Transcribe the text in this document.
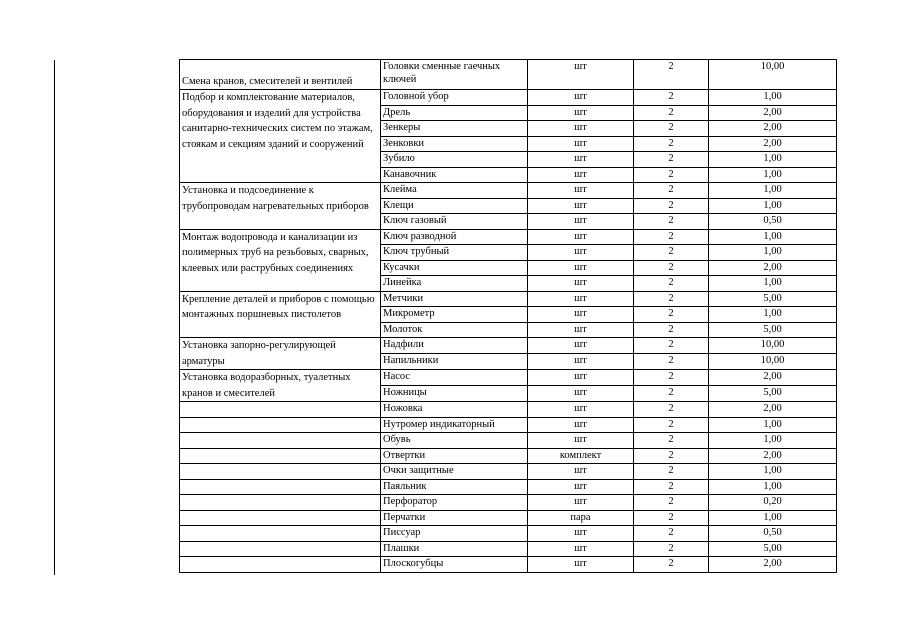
Смена кранов, смесителей и вентилей	Головки сменные гаечных ключей	шт	2	10,00
Подбор и комплектование материалов, оборудования и изделий для устройства санитарно-технических систем по этажам, стоякам и секциям зданий и сооружений	Головной убор	шт	2	1,00
	Дрель	шт	2	2,00
	Зенкеры	шт	2	2,00
	Зенковки	шт	2	2,00
	Зубило	шт	2	1,00
	Канавочник	шт	2	1,00
Установка и подсоединение к трубопроводам нагревательных приборов	Клейма	шт	2	1,00
	Клещи	шт	2	1,00
	Ключ газовый	шт	2	0,50
Монтаж водопровода и канализации из полимерных труб на резьбовых, сварных, клеевых или раструбных соединениях	Ключ разводной	шт	2	1,00
	Ключ трубный	шт	2	1,00
	Кусачки	шт	2	2,00
	Линейка	шт	2	1,00
Крепление деталей и приборов с помощью монтажных поршневых пистолетов	Метчики	шт	2	5,00
	Микрометр	шт	2	1,00
	Молоток	шт	2	5,00
Установка запорно-регулирующей арматуры	Надфили	шт	2	10,00
	Напильники	шт	2	10,00
Установка водоразборных, туалетных кранов и смесителей	Насос	шт	2	2,00
	Ножницы	шт	2	5,00
	Ножовка	шт	2	2,00
	Нутромер индикаторный	шт	2	1,00
	Обувь	шт	2	1,00
	Отвертки	комплект	2	2,00
	Очки защитные	шт	2	1,00
	Паяльник	шт	2	1,00
	Перфоратор	шт	2	0,20
	Перчатки	пара	2	1,00
	Писсуар	шт	2	0,50
	Плашки	шт	2	5,00
	Плоскогубцы	шт	2	2,00
